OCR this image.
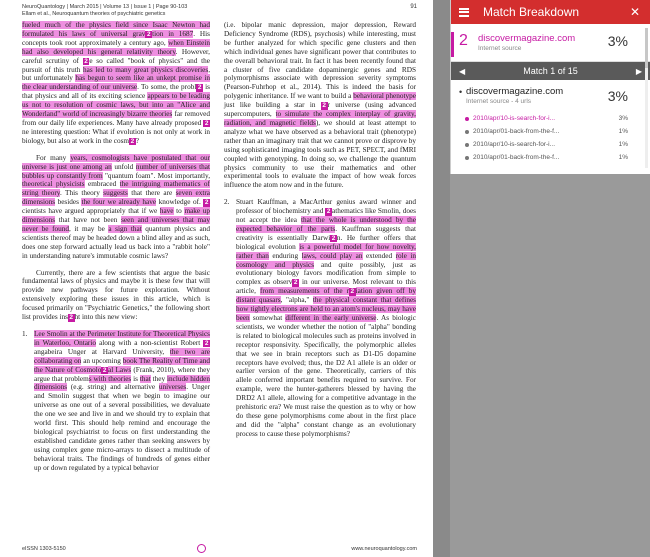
NeuroQuantology | March 2015 | Volume 13 | Issue 1 | Page 90-103
Ellam et al., Neuroquantum theories of psychiatric genetics
91

fueled much of the physics field since Isaac Newton had formulated his laws of universal grav 2 tion in 1687. His concepts took root approximately a century ago, when Einstein had also developed his general relativity theory. However, careful scrutiny of 2 e so called "book of physics" and the pursuit of this truth has led to many great physics discoveries, but unfortunately has begun to seem like an unkept promise in the clear understanding of our universe. To some, the probl 2 is that physics and all of its exciting science appears to be leading us not to resolution of cosmic laws, but into an "Alice and Wonderland" world of increasingly bizarre theories far removed from our daily life experiences. Many have already proposed 2ne interesting question: What if evolution is not only at work in biology, but also at work in the cosm 2 ?

For many years, cosmologists have postulated that our universe is just one among an unfold number of universes that bubbles up constantly from "quantum foam". Most importantly, theoretical physicists embraced the intriguing mathematics of string theory. This theory suggests that there are seven extra dimensions besides the four we already have knowledge of. 2cientists have argued appropriately that if we have to make up dimensions that have not been seen and universes that may never be found, it may be a sign that quantum physics and scientists thereof may be headed down a blind alley and as such, does one step forward actually lead us back into a "rabbit hole" in understanding nature's immutable cosmic laws?

Currently, there are a few scientists that argue the basic fundamental laws of physics and maybe it is these few that will provide new pathways for future exploration. Without extensively exploring these issues in this article, which is focused primarily on "Psychiatric Genetics," the following short list provides ins 2 ht into this new view:

1. Lee Smolin at the Perimeter Institute for Theoretical Physics in Waterloo, Ontario along with a non-scientist Robert 2angabeira Unger at Harvard University, the two are collaborating on an upcoming book The Reality of Time and the Nature of Cosmolo 2 al Laws (Frank, 2010), where they argue that problems with theories is that they include hidden dimensions (e.g. string) and alternative universes. Unger and Smolin suggest that when we begin to imagine our universe as one out of a several possibilities, we devaluate the one we see and live in and we should try to explain that world first. This should help remind and encourage the biological psychiatrist to focus on first understanding the established candidate genes rather than seeking answers by using complex gene micro-arrays to dissect a multitude of behavioral traits. The findings of hundreds of genes either up or down regulated by a typical behavior

(i.e. bipolar manic depression, major depression, Reward Deficiency Syndrome (RDS), psychosis) while interesting, must be further analyzed for which specific gene clusters and then which individual genes have significant power that contributes to the overall behavioral trait. In fact it has been recently found that a cluster of five candidate dopaminergic genes and RDS polymorphisms associate with depression severity symptoms (Pearson-Fuhrhop et al., 2014). This is indeed the basis for polygenic inheritance. If we want to build a behavioral phenotype just like building a star in 2 r universe (using advanced supercomputers, to simulate the complex interplay of gravity, radiation, and magnetic fields), we should at least attempt to analyze what we have observed as a behavioral trait (phenotype) rather than an imaginary trait that we cannot prove or disprove by using sophisticated imaging tools such as PET, SPECT, and fMRI coupled with genotyping. In doing so, we challenge the quantum physics community to use their mathematics and other experimental tools to evaluate the impact of how weak forces influence the atom now and in the future.

2. Stuart Kauffman, a MacArthur genius award winner and professor of biochemistry and 2 athematics like Smolin, does not accept the idea that the whole is understood by the expected behavior of the parts. Kauffman suggests that creativity is essentially Darwi 2 n. He further offers that biological evolution is a powerful model for how novelty, rather than enduring laws, could play an extended role in cosmology and physics and quite possibly, just as evolutionary biology favors modification from simple to complex as observ 2 in our universe. Most relevant to this article, from measurements of the r 2 iation given off by distant quasars, "alpha," the physical constant that defines how tightly electrons are held to an atom's nucleus, may have been somewhat different in the early universe. As biologic scientists, we wonder whether the notion of "alpha" bonding is related to biological molecules such as proteins involved in receptor responsivity. Specifically, the polymorphic alleles that we see in brain receptors such as D1-D5 dopamine receptors have evolved; thus, the D2 A1 allele is an older or earlier version of the gene. Theoretically, carriers of this allele conferred important benefits required to survive. For example, were the hunter-gatherers blessed by having the DRD2 A1 allele, allowing for a competitive advantage in the prehistoric era? We must raise the question as to why or how do these gene polymorphisms come about in the first place and did the "alpha" constant change as an evolutionary process to cause these polymorphisms?
eISSN 1303-5150	www.neuroquantology.com
Match Breakdown	✕
2 discovermagazine.com
Internet source	3%
◀	Match 1 of 15	▶
• discovermagazine.com
Internet source - 4 urls	3%
2010/apr/10-is-search-for-i...	3%
2010/apr/01-back-from-the-f...	1%
2010/apr/10-is-search-for-i...	1%
2010/apr/01-back-from-the-f...	1%
